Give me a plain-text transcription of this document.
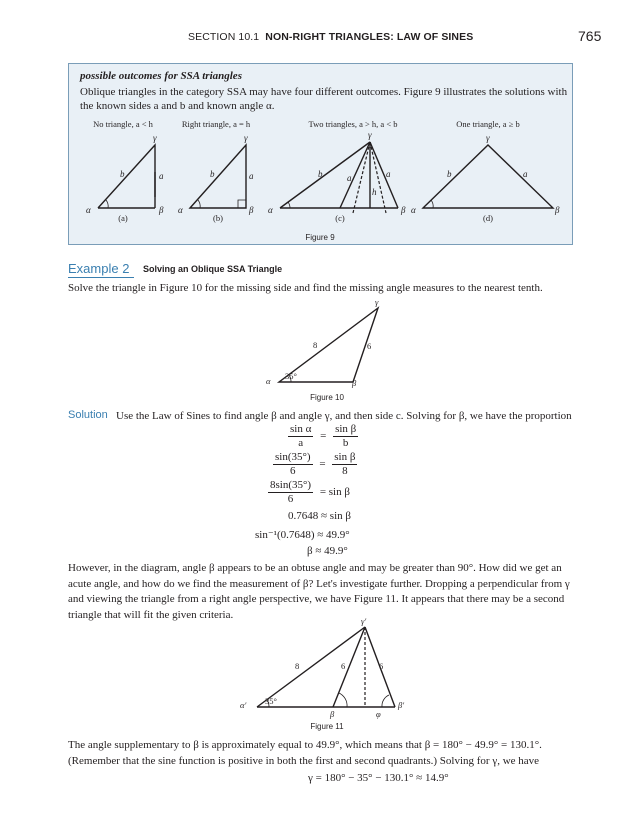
SECTION 10.1 NON-RIGHT TRIANGLES: LAW OF SINES	765
possible outcomes for SSA triangles
Oblique triangles in the category SSA may have four different outcomes. Figure 9 illustrates the solutions with the known sides a and b and known angle α.
No triangle, a < h	Right triangle, a = h	Two triangles, a > h, a < b	One triangle, a ≥ b
γ
b	a
α	β
γ
b	a
α	β
γ
b	a	a
h
α	β
γ
b	a
α	β
(a)	(b)	(c)	(d)
Figure 9
Example 2 Solving an Oblique SSA Triangle
Solve the triangle in Figure 10 for the missing side and find the missing angle measures to the nearest tenth.
γ
8	6
35°
α	β
Figure 10
Solution Use the Law of Sines to find angle β and angle γ, and then side c. Solving for β, we have the proportion
$\frac{\text{sin α}}{a} = \frac{\text{sin β}}{b}$
$\frac{\sin(35^\circ)}{6} = \frac{\text{sin β}}{8}$
$\frac{8\sin(35^\circ)}{6} = \sin \beta$
0.7648 ≈ sin β
sin⁻¹(0.7648) ≈ 49.9°
β ≈ 49.9°
However, in the diagram, angle β appears to be an obtuse angle and may be greater than 90°. How did we get an acute angle, and how do we find the measurement of β? Let's investigate further. Dropping a perpendicular from γ and viewing the triangle from a right angle perspective, we have Figure 11. It appears that there may be a second triangle that will fit the given criteria.
γ′
8	6	6
35°
α′
β	φ
β′
Figure 11
The angle supplementary to β is approximately equal to 49.9°, which means that β = 180° − 49.9° = 130.1°. (Remember that the sine function is positive in both the first and second quadrants.) Solving for γ, we have
γ = 180° − 35° − 130.1° ≈ 14.9°
